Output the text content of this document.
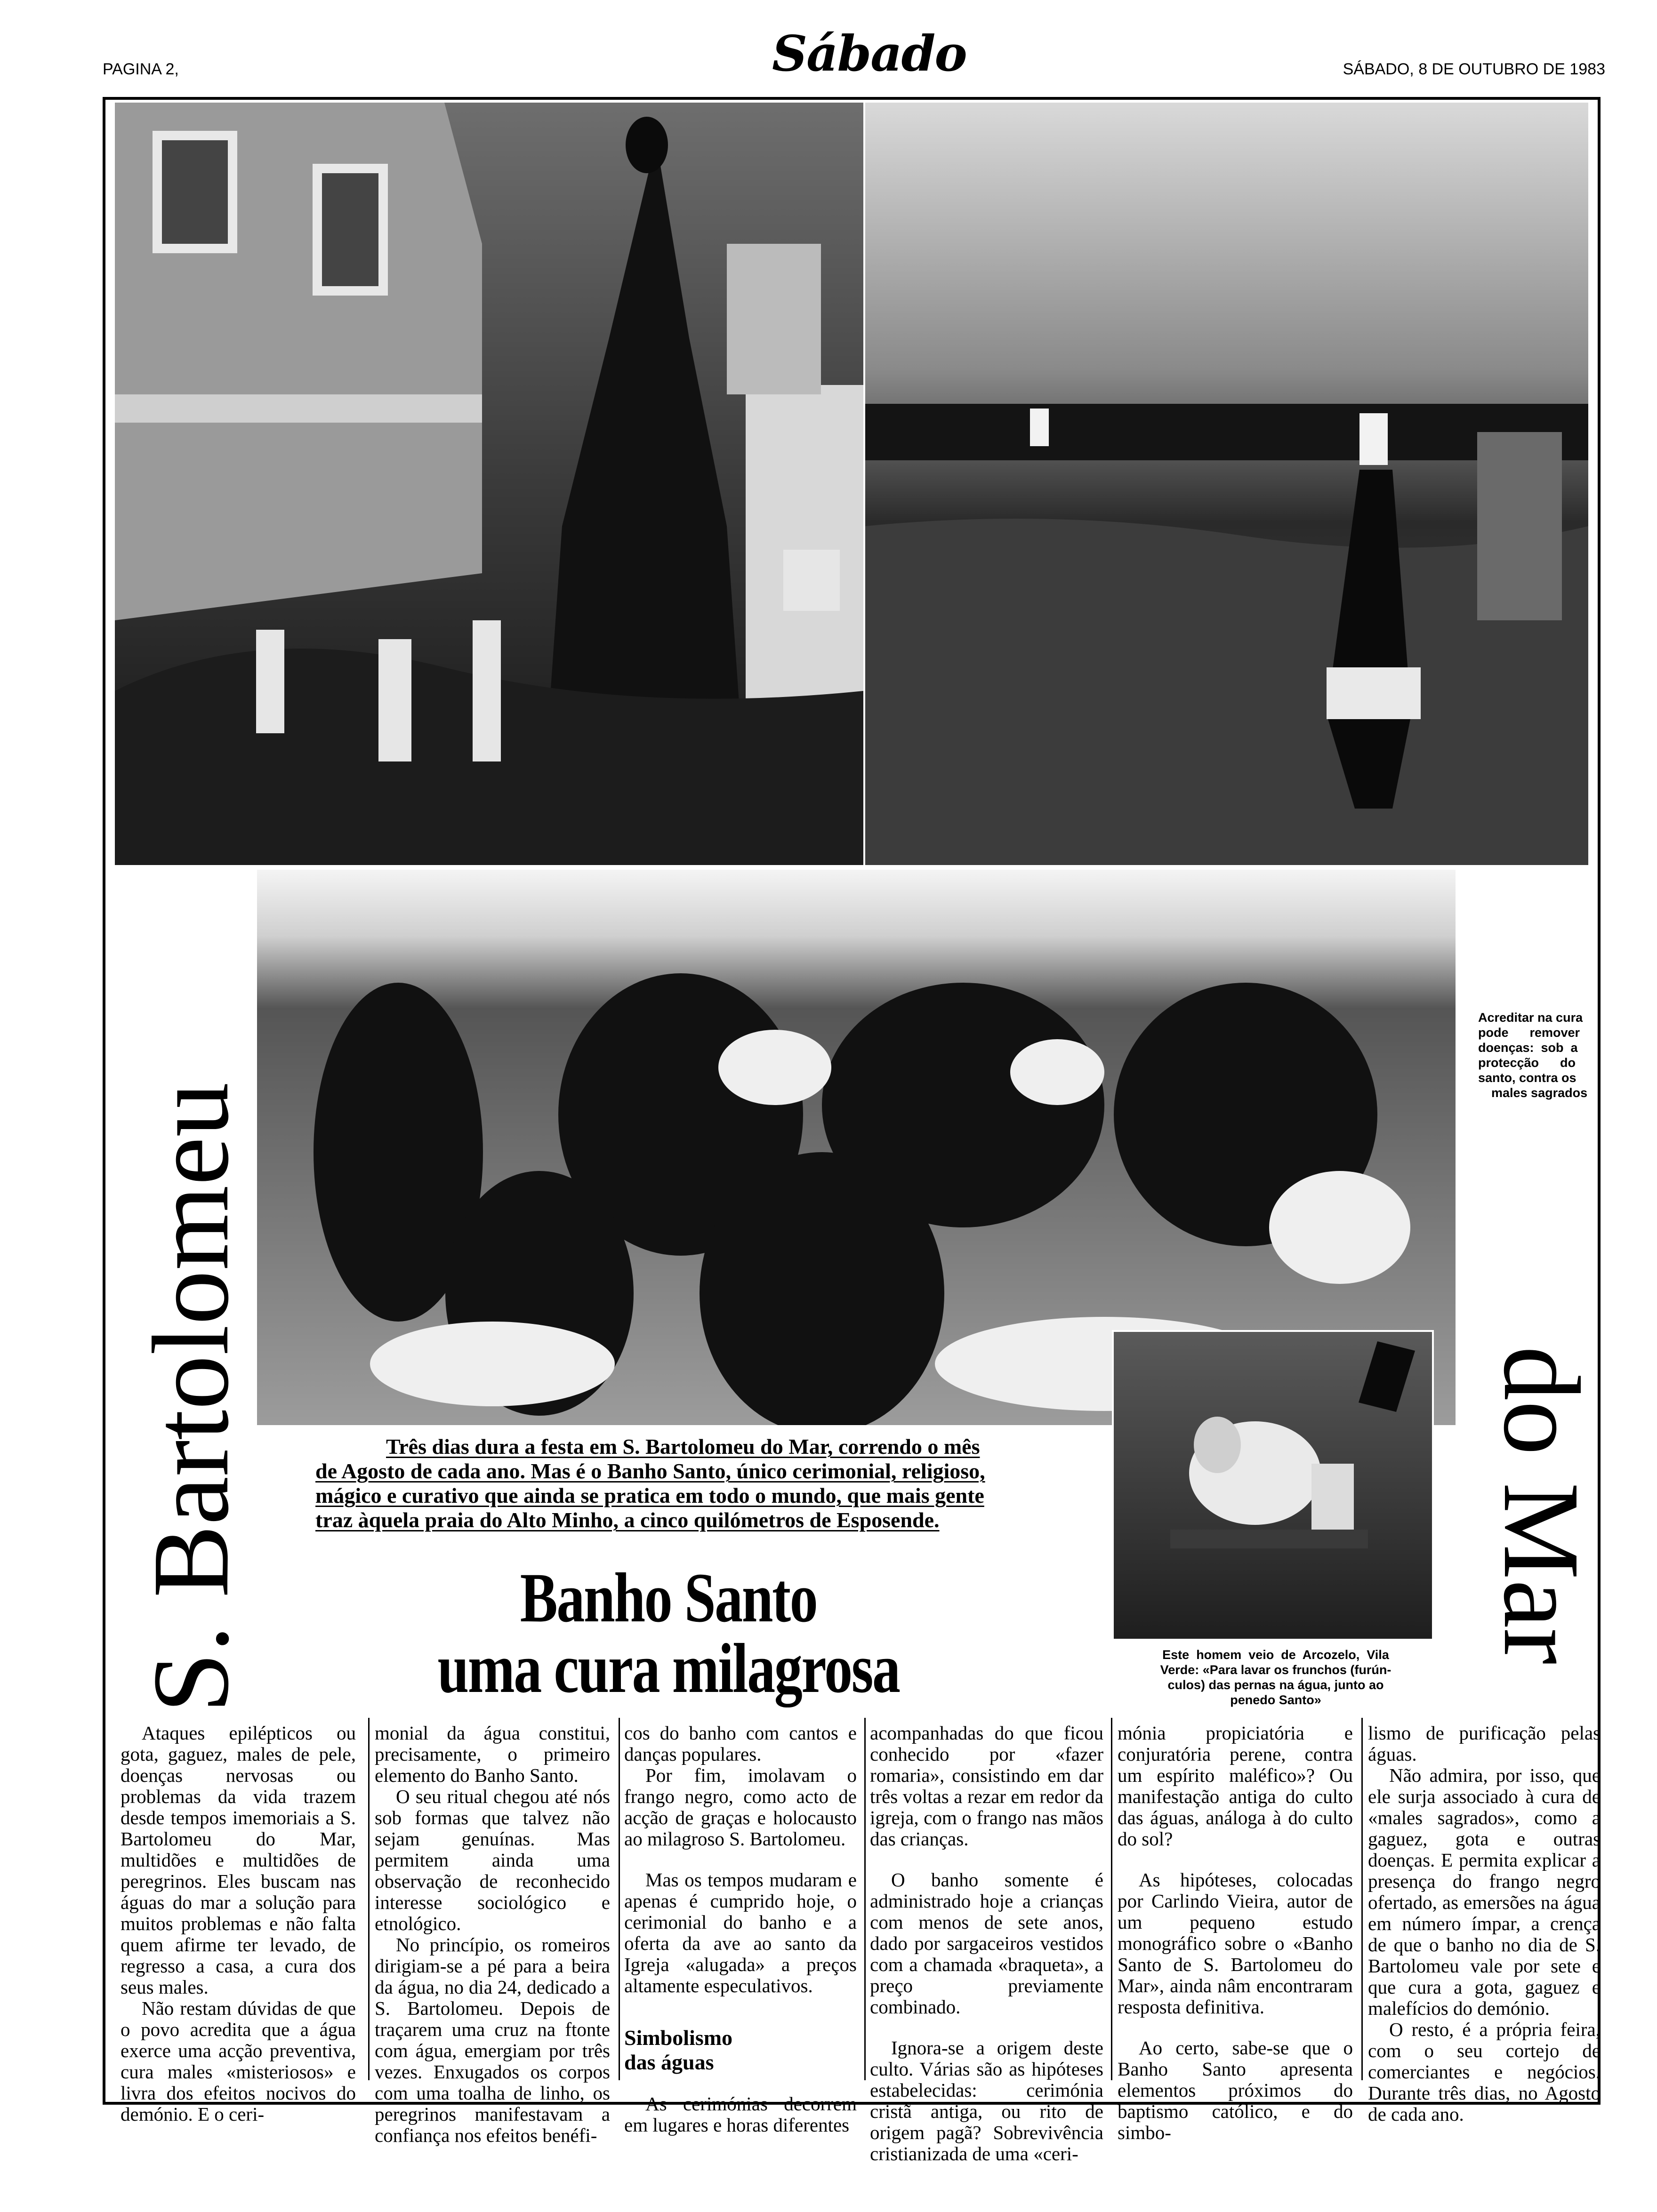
PAGINA 2,	Sábado	SÁBADO, 8 DE OUTUBRO DE 1983
Acreditar na cura
pode      remover
doenças:  sob  a
protecção      do
santo, contra os
males sagrados
Este  homem  veio  de  Arcozelo,  Vila
Verde: «Para lavar os frunchos (furún-
culos) das pernas na água, junto ao
penedo Santo»
S. Bartolomeu	do Mar

Três dias dura a festa em S. Bartolomeu do Mar, correndo o mês

de Agosto de cada ano. Mas é o Banho Santo, único cerimonial, religioso,

mágico e curativo que ainda se pratica em todo o mundo, que mais gente

traz àquela praia do Alto Minho, a cinco quilómetros de Esposende.

Banho Santo
uma cura milagrosa

Ataques epilépticos ou gota, gaguez, males de pele, doenças nervosas ou problemas da vida trazem desde tempos imemoriais a S. Bartolomeu do Mar, multidões e multidões de peregrinos. Eles buscam nas águas do mar a solução para muitos problemas e não falta quem afirme ter levado, de regresso a casa, a cura dos seus males.

Não restam dúvidas de que o povo acredita que a água exerce uma acção preventiva, cura males «misteriosos» e livra dos efeitos nocivos do demónio. E o ceri-

monial da água constitui, precisamente, o primeiro elemento do Banho Santo.

O seu ritual chegou até nós sob formas que talvez não sejam genuínas. Mas permitem ainda uma observação de reconhecido interesse sociológico e etnológico.

No princípio, os romeiros dirigiam-se a pé para a beira da água, no dia 24, dedicado a S. Bartolomeu. Depois de traçarem uma cruz na ftonte com água, emergiam por três vezes. Enxugados os corpos com uma toalha de linho, os peregrinos manifestavam a confiança nos efeitos benéfi-

cos do banho com cantos e danças populares.

Por fim, imolavam o frango negro, como acto de acção de graças e holocausto ao milagroso S. Bartolomeu.

Mas os tempos mudaram e apenas é cumprido hoje, o cerimonial do banho e a oferta da ave ao santo da Igreja «alugada» a preços altamente especulativos.

Simbolismo das águas

As cerimónias decorrem em lugares e horas diferentes

acompanhadas do que ficou conhecido por «fazer romaria», consistindo em dar três voltas a rezar em redor da igreja, com o frango nas mãos das crianças.

O banho somente é administrado hoje a crianças com menos de sete anos, dado por sargaceiros vestidos com a chamada «braqueta», a preço previamente combinado.

Ignora-se a origem deste culto. Várias são as hipóteses estabelecidas: cerimónia cristã antiga, ou rito de origem pagã? Sobrevivência cristianizada de uma «ceri-

mónia propiciatória e conjuratória perene, contra um espírito maléfico»? Ou manifestação antiga do culto das águas, análoga à do culto do sol?

As hipóteses, colocadas por Carlindo Vieira, autor de um pequeno estudo monográfico sobre o «Banho Santo de S. Bartolomeu do Mar», ainda nâm encontraram resposta definitiva.

Ao certo, sabe-se que o Banho Santo apresenta elementos próximos do baptismo católico, e do simbo-

lismo de purificação pelas águas.

Não admira, por isso, que ele surja associado à cura de «males sagrados», como a gaguez, gota e outras doenças. E permita explicar a presença do frango negro ofertado, as emersões na água em número ímpar, a crença de que o banho no dia de S. Bartolomeu vale por sete e que cura a gota, gaguez e malefícios do demónio.

O resto, é a própria feira, com o seu cortejo de comerciantes e negócios. Durante três dias, no Agosto de cada ano.
